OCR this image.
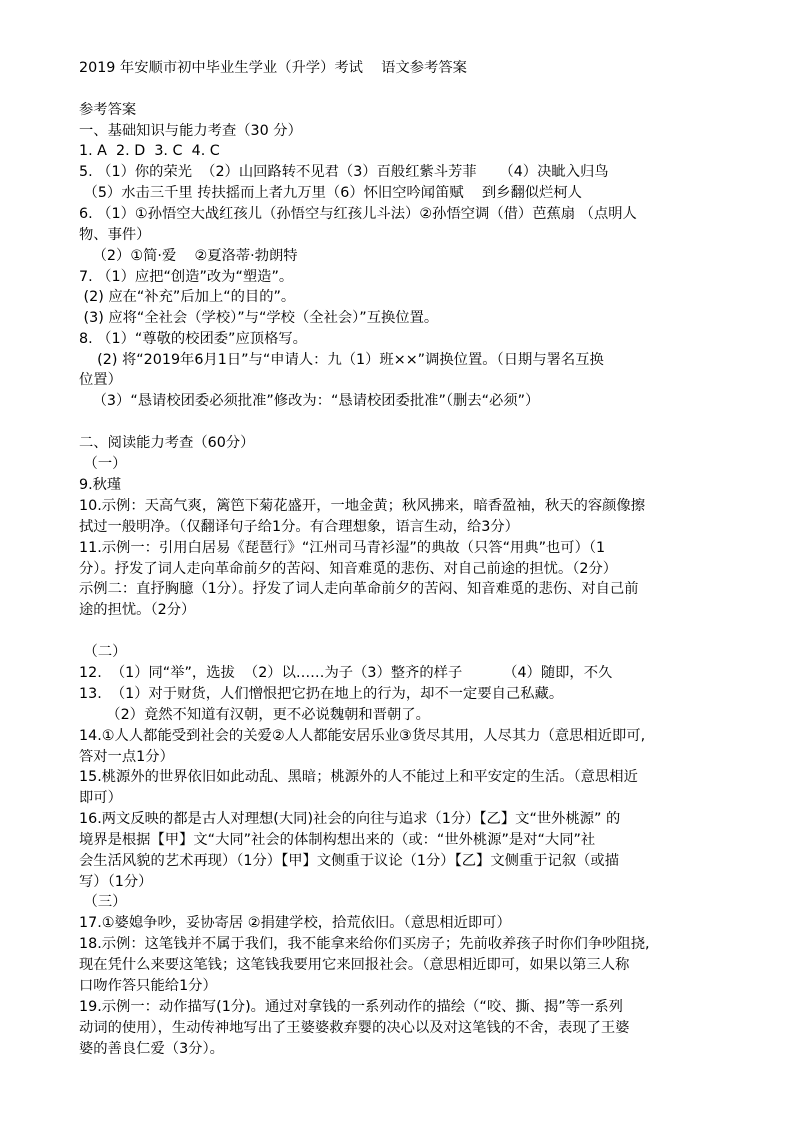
2019 年安顺市初中毕业生学业（升学）考试    语文参考答案
参考答案
一、基础知识与能力考查（30 分）
1. A  2. D  3. C  4. C
5. （1）你的荣光  （2）山回路转不见君（3）百般红紫斗芳菲     （4）决眦入归鸟
（5）水击三千里 抟扶摇而上者九万里（6）怀旧空吟闻笛赋    到乡翻似烂柯人
6. （1）①孙悟空大战红孩儿（孙悟空与红孩儿斗法）②孙悟空调（借）芭蕉扇 （点明人
物、事件）
（2）①简·爱    ②夏洛蒂·勃朗特
7. （1）应把“创造”改为“塑造”。
(2) 应在“补充”后加上“的目的”。
(3) 应将“全社会（学校）”与“学校（全社会）”互换位置。
8. （1）“尊敬的校团委”应顶格写。
(2) 将“2019年6月1日”与“申请人：九（1）班××”调换位置。（日期与署名互换
位置）
（3）“恳请校团委必须批准”修改为：“恳请校团委批准”（删去“必须”）
二、阅读能力考查（60分）
（一）
9.秋瑾
10.示例：天高气爽，篱笆下菊花盛开，一地金黄；秋风拂来，暗香盈袖，秋天的容颜像擦
拭过一般明净。（仅翻译句子给1分。有合理想象，语言生动，给3分）
11.示例一：引用白居易《琵琶行》“江州司马青衫湿”的典故（只答“用典”也可）（1
分）。抒发了词人走向革命前夕的苦闷、知音难觅的悲伤、对自己前途的担忧。（2分）
示例二：直抒胸臆（1分）。抒发了词人走向革命前夕的苦闷、知音难觅的悲伤、对自己前
途的担忧。（2分）
（二）
12.  （1）同“举”，选拔  （2）以……为子（3）整齐的样子         （4）随即，不久
13.  （1）对于财货，人们憎恨把它扔在地上的行为，却不一定要自己私藏。
（2）竟然不知道有汉朝，更不必说魏朝和晋朝了。
14.①人人都能受到社会的关爱②人人都能安居乐业③货尽其用，人尽其力（意思相近即可,
答对一点1分）
15.桃源外的世界依旧如此动乱、黑暗；桃源外的人不能过上和平安定的生活。（意思相近
即可）
16.两文反映的都是古人对理想(大同)社会的向往与追求（1分）【乙】文“世外桃源” 的
境界是根据【甲】文“大同”社会的体制构想出来的（或：“世外桃源”是对“大同”社
会生活风貌的艺术再现）（1分）【甲】文侧重于议论（1分）【乙】文侧重于记叙（或描
写）（1分）
（三）
17.①婆媳争吵，妥协寄居 ②捐建学校，拾荒依旧。（意思相近即可）
18.示例：这笔钱并不属于我们，我不能拿来给你们买房子；先前收养孩子时你们争吵阻挠,
现在凭什么来要这笔钱；这笔钱我要用它来回报社会。（意思相近即可，如果以第三人称
口吻作答只能给1分）
19.示例一：动作描写(1分)。通过对拿钱的一系列动作的描绘（“咬、撕、揭”等一系列
动词的使用），生动传神地写出了王婆婆救弃婴的决心以及对这笔钱的不舍，表现了王婆
婆的善良仁爱（3分）。
